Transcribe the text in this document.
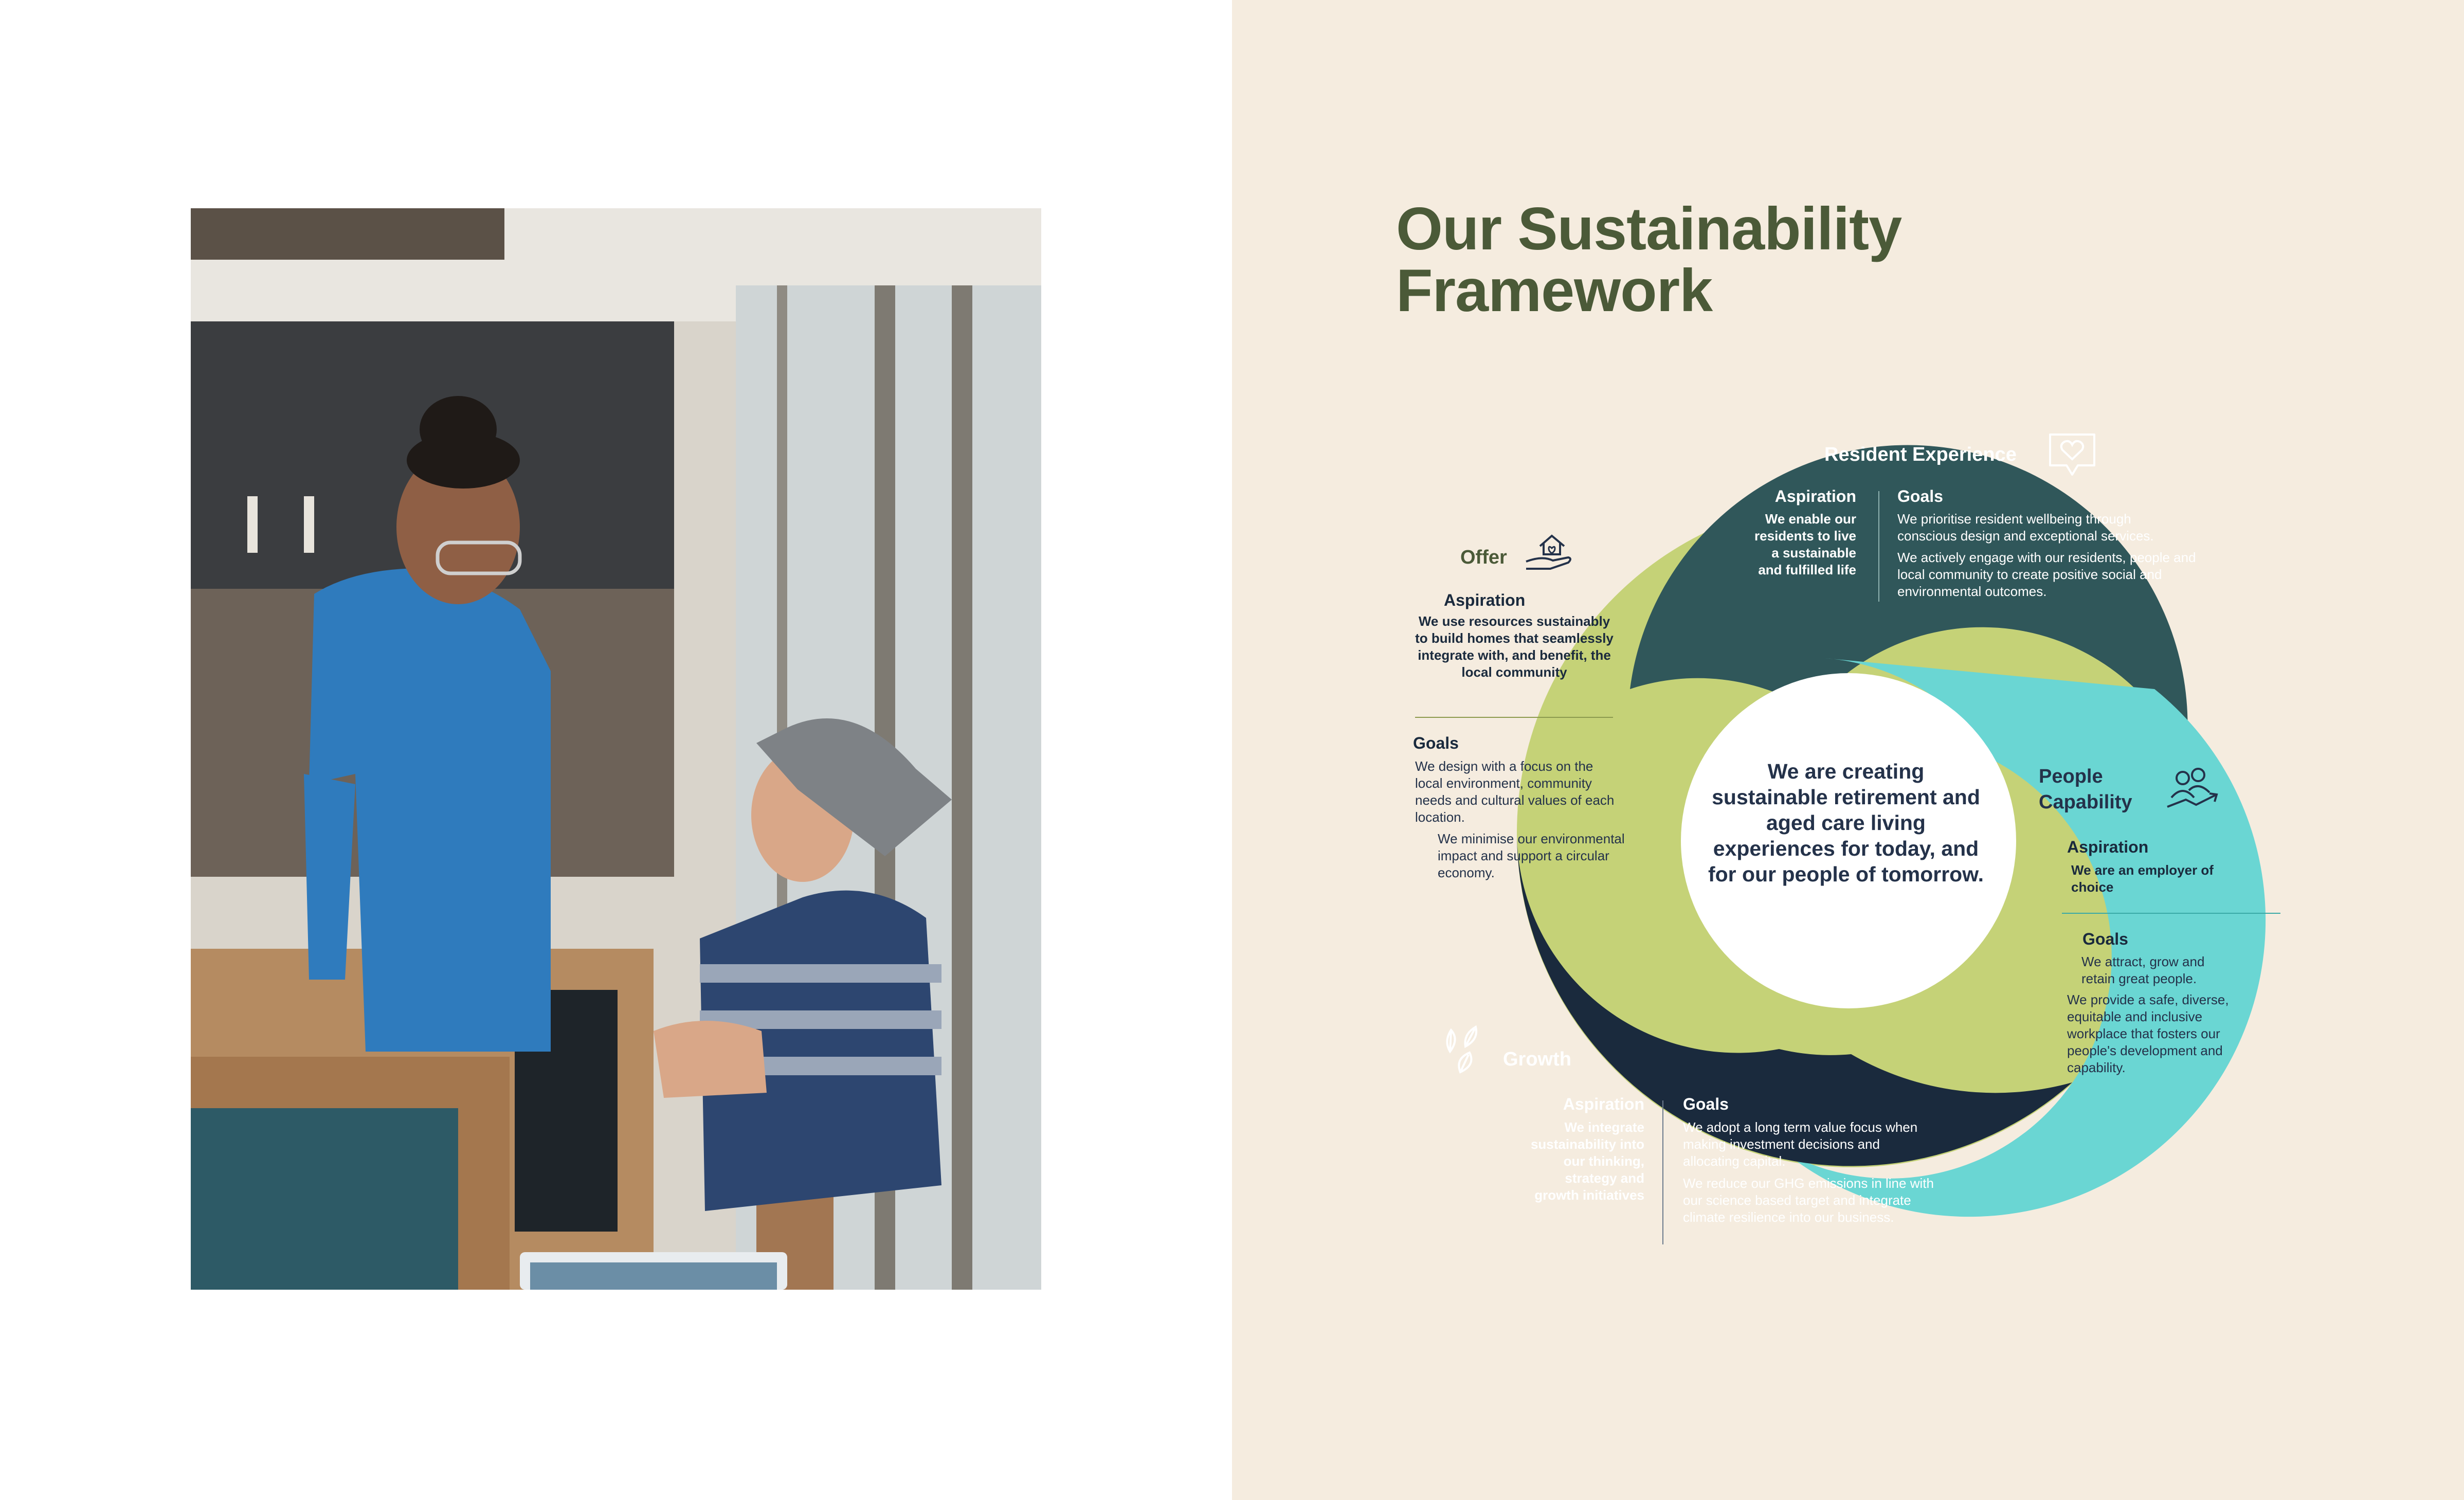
Our Sustainability
Framework

We are creating sustainable retirement and aged care living experiences for today, and for our people of tomorrow.

Offer

Aspiration

We use resources sustainably to build homes that seamlessly integrate with, and benefit, the local community

Goals

We design with a focus on the local environment, community needs and cultural values of each location.

We minimise our environmental impact and support a circular economy.

Resident Experience

Aspiration

We enable our residents to live a sustainable and fulfilled life

Goals

We prioritise resident wellbeing through conscious design and exceptional services.

We actively engage with our residents, people and local community to create positive social and environmental outcomes.

People Capability

Aspiration

We are an employer of choice

Goals

We attract, grow and retain great people.

We provide a safe, diverse, equitable and inclusive workplace that fosters our people's development and capability.

Growth

Aspiration

We integrate sustainability into our thinking, strategy and growth initiatives

Goals

We adopt a long term value focus when making investment decisions and allocating capital.

We reduce our GHG emissions in line with our science based target and integrate climate resilience into our business.
